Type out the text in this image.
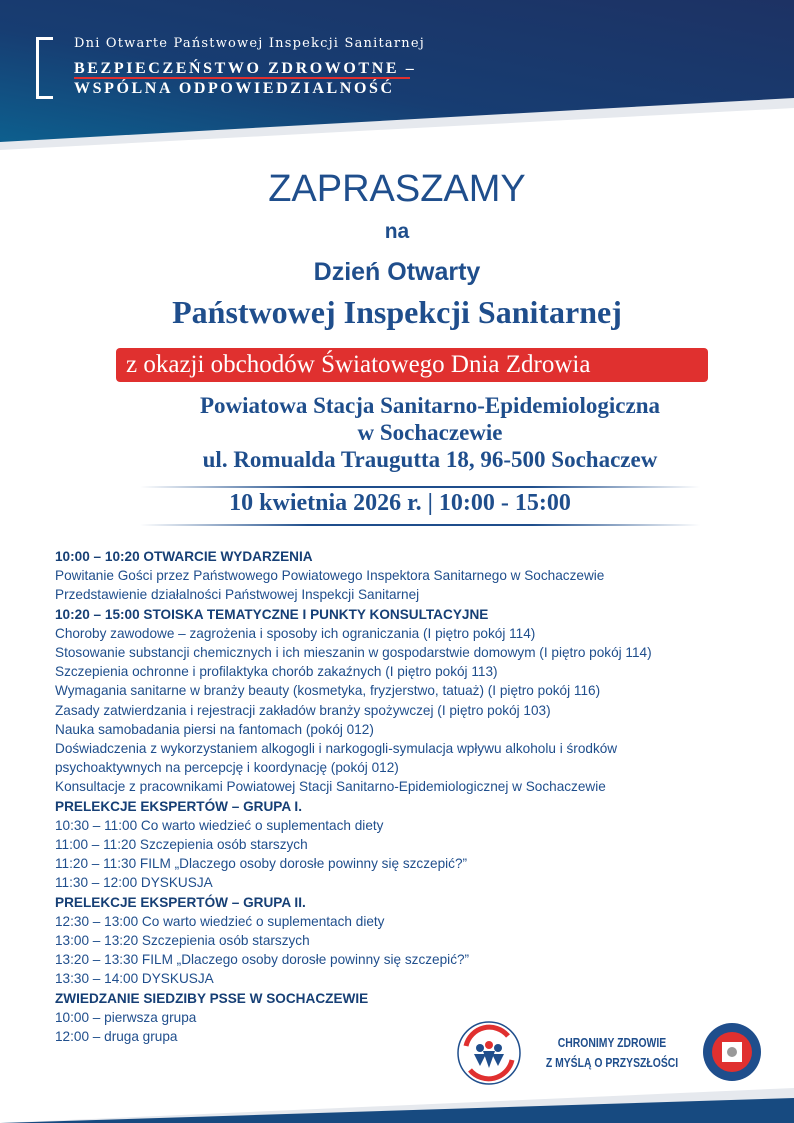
Dni Otwarte Państwowej Inspekcji Sanitarnej
BEZPIECZEŃSTWO ZDROWOTNE –
WSPÓLNA ODPOWIEDZIALNOŚĆ
ZAPRASZAMY
na
Dzień Otwarty
Państwowej Inspekcji Sanitarnej
z okazji obchodów Światowego Dnia Zdrowia
Powiatowa Stacja Sanitarno-Epidemiologiczna
w Sochaczewie
ul. Romualda Traugutta 18, 96-500 Sochaczew
10 kwietnia 2026 r. | 10:00 - 15:00
10:00 – 10:20 OTWARCIE WYDARZENIA
Powitanie Gości przez Państwowego Powiatowego Inspektora Sanitarnego w Sochaczewie
Przedstawienie działalności Państwowej Inspekcji Sanitarnej
10:20 – 15:00 STOISKA TEMATYCZNE I PUNKTY KONSULTACYJNE
Choroby zawodowe – zagrożenia i sposoby ich ograniczania (I piętro pokój 114)
Stosowanie substancji chemicznych i ich mieszanin w gospodarstwie domowym (I piętro pokój 114)
Szczepienia ochronne i profilaktyka chorób zakaźnych (I piętro pokój 113)
Wymagania sanitarne w branży beauty (kosmetyka, fryzjerstwo, tatuaż) (I piętro pokój 116)
Zasady zatwierdzania i rejestracji zakładów branży spożywczej (I piętro pokój 103)
Nauka samobadania piersi na fantomach (pokój 012)
Doświadczenia z wykorzystaniem alkogogli i narkogogli-symulacja wpływu alkoholu i środków psychoaktywnych na percepcję i koordynację (pokój 012)
Konsultacje z pracownikami Powiatowej Stacji Sanitarno-Epidemiologicznej w Sochaczewie
PRELEKCJE EKSPERTÓW – GRUPA I.
10:30 – 11:00 Co warto wiedzieć o suplementach diety
11:00 – 11:20 Szczepienia osób starszych
11:20 – 11:30 FILM „Dlaczego osoby dorosłe powinny się szczepić?”
11:30 – 12:00 DYSKUSJA
PRELEKCJE EKSPERTÓW – GRUPA II.
12:30 – 13:00 Co warto wiedzieć o suplementach diety
13:00 – 13:20 Szczepienia osób starszych
13:20 – 13:30 FILM „Dlaczego osoby dorosłe powinny się szczepić?”
13:30 – 14:00 DYSKUSJA
ZWIEDZANIE SIEDZIBY PSSE W SOCHACZEWIE
10:00 – pierwsza grupa
12:00 – druga grupa	CHRONIMY ZDROWIE
Z MYŚLĄ O PRZYSZŁOŚCI
